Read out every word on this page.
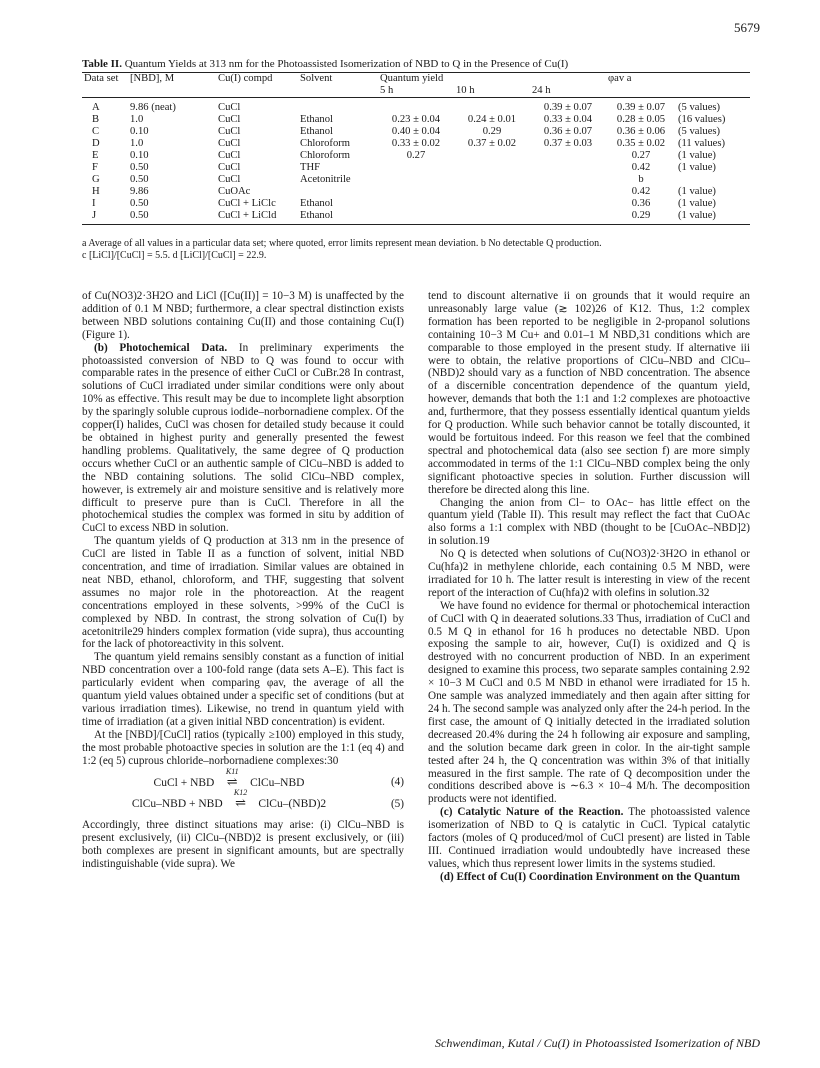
5679
Table II. Quantum Yields at 313 nm for the Photoassisted Isomerization of NBD to Q in the Presence of Cu(I)
Data set	[NBD], M	Cu(I) compd	Solvent	Quantum yield			φav a	
				5 h	10 h	24 h		
A	9.86 (neat)	CuCl				0.39 ± 0.07	0.39 ± 0.07	(5 values)
B	1.0	CuCl	Ethanol	0.23 ± 0.04	0.24 ± 0.01	0.33 ± 0.04	0.28 ± 0.05	(16 values)
C	0.10	CuCl	Ethanol	0.40 ± 0.04	0.29	0.36 ± 0.07	0.36 ± 0.06	(5 values)
D	1.0	CuCl	Chloroform	0.33 ± 0.02	0.37 ± 0.02	0.37 ± 0.03	0.35 ± 0.02	(11 values)
E	0.10	CuCl	Chloroform	0.27			0.27	(1 value)
F	0.50	CuCl	THF				0.42	(1 value)
G	0.50	CuCl	Acetonitrile				b	
H	9.86	CuOAc					0.42	(1 value)
I	0.50	CuCl + LiClc	Ethanol				0.36	(1 value)
J	0.50	CuCl + LiCld	Ethanol				0.29	(1 value)
a Average of all values in a particular data set; where quoted, error limits represent mean deviation. b No detectable Q production.
c [LiCl]/[CuCl] = 5.5. d [LiCl]/[CuCl] = 22.9.

of Cu(NO3)2·3H2O and LiCl ([Cu(II)] = 10−3 M) is unaffected by the addition of 0.1 M NBD; furthermore, a clear spectral distinction exists between NBD solutions containing Cu(II) and those containing Cu(I) (Figure 1).

(b) Photochemical Data. In preliminary experiments the photoassisted conversion of NBD to Q was found to occur with comparable rates in the presence of either CuCl or CuBr.28 In contrast, solutions of CuCl irradiated under similar conditions were only about 10% as effective. This result may be due to incomplete light absorption by the sparingly soluble cuprous iodide–norbornadiene complex. Of the copper(I) halides, CuCl was chosen for detailed study because it could be obtained in highest purity and generally presented the fewest handling problems. Qualitatively, the same degree of Q production occurs whether CuCl or an authentic sample of ClCu–NBD is added to the NBD containing solutions. The solid ClCu–NBD complex, however, is extremely air and moisture sensitive and is relatively more difficult to preserve pure than is CuCl. Therefore in all the photochemical studies the complex was formed in situ by addition of CuCl to excess NBD in solution.

The quantum yields of Q production at 313 nm in the presence of CuCl are listed in Table II as a function of solvent, initial NBD concentration, and time of irradiation. Similar values are obtained in neat NBD, ethanol, chloroform, and THF, suggesting that solvent assumes no major role in the photoreaction. At the reagent concentrations employed in these solvents, >99% of the CuCl is complexed by NBD. In contrast, the strong solvation of Cu(I) by acetonitrile29 hinders complex formation (vide supra), thus accounting for the lack of photoreactivity in this solvent.

The quantum yield remains sensibly constant as a function of initial NBD concentration over a 100-fold range (data sets A–E). This fact is particularly evident when comparing φav, the average of all the quantum yield values obtained under a specific set of conditions (but at various irradiation times). Likewise, no trend in quantum yield with time of irradiation (at a given initial NBD concentration) is evident.

At the [NBD]/[CuCl] ratios (typically ≥100) employed in this study, the most probable photoactive species in solution are the 1:1 (eq 4) and 1:2 (eq 5) cuprous chloride–norbornadiene complexes:30

CuCl + NBD
K11
⇌ ClCu–NBD	(4)
ClCu–NBD + NBD
K12
⇌ ClCu–(NBD)2	(5)

Accordingly, three distinct situations may arise: (i) ClCu–NBD is present exclusively, (ii) ClCu–(NBD)2 is present exclusively, or (iii) both complexes are present in significant amounts, but are spectrally indistinguishable (vide supra). We

tend to discount alternative ii on grounds that it would require an unreasonably large value (≳ 102)26 of K12. Thus, 1:2 complex formation has been reported to be negligible in 2-propanol solutions containing 10−3 M Cu+ and 0.01–1 M NBD,31 conditions which are comparable to those employed in the present study. If alternative iii were to obtain, the relative proportions of ClCu–NBD and ClCu–(NBD)2 should vary as a function of NBD concentration. The absence of a discernible concentration dependence of the quantum yield, however, demands that both the 1:1 and 1:2 complexes are photoactive and, furthermore, that they possess essentially identical quantum yields for Q production. While such behavior cannot be totally discounted, it would be fortuitous indeed. For this reason we feel that the combined spectral and photochemical data (also see section f) are more simply accommodated in terms of the 1:1 ClCu–NBD complex being the only significant photoactive species in solution. Further discussion will therefore be directed along this line.

Changing the anion from Cl− to OAc− has little effect on the quantum yield (Table II). This result may reflect the fact that CuOAc also forms a 1:1 complex with NBD (thought to be [CuOAc–NBD]2) in solution.19

No Q is detected when solutions of Cu(NO3)2·3H2O in ethanol or Cu(hfa)2 in methylene chloride, each containing 0.5 M NBD, were irradiated for 10 h. The latter result is interesting in view of the recent report of the interaction of Cu(hfa)2 with olefins in solution.32

We have found no evidence for thermal or photochemical interaction of CuCl with Q in deaerated solutions.33 Thus, irradiation of CuCl and 0.5 M Q in ethanol for 16 h produces no detectable NBD. Upon exposing the sample to air, however, Cu(I) is oxidized and Q is destroyed with no concurrent production of NBD. In an experiment designed to examine this process, two separate samples containing 2.92 × 10−3 M CuCl and 0.5 M NBD in ethanol were irradiated for 15 h. One sample was analyzed immediately and then again after sitting for 24 h. The second sample was analyzed only after the 24-h period. In the first case, the amount of Q initially detected in the irradiated solution decreased 20.4% during the 24 h following air exposure and sampling, and the solution became dark green in color. In the air-tight sample tested after 24 h, the Q concentration was within 3% of that initially measured in the first sample. The rate of Q decomposition under the conditions described above is ∼6.3 × 10−4 M/h. The decomposition products were not identified.

(c) Catalytic Nature of the Reaction. The photoassisted valence isomerization of NBD to Q is catalytic in CuCl. Typical catalytic factors (moles of Q produced/mol of CuCl present) are listed in Table III. Continued irradiation would undoubtedly have increased these values, which thus represent lower limits in the systems studied.

(d) Effect of Cu(I) Coordination Environment on the Quantum

Schwendiman, Kutal / Cu(I) in Photoassisted Isomerization of NBD
